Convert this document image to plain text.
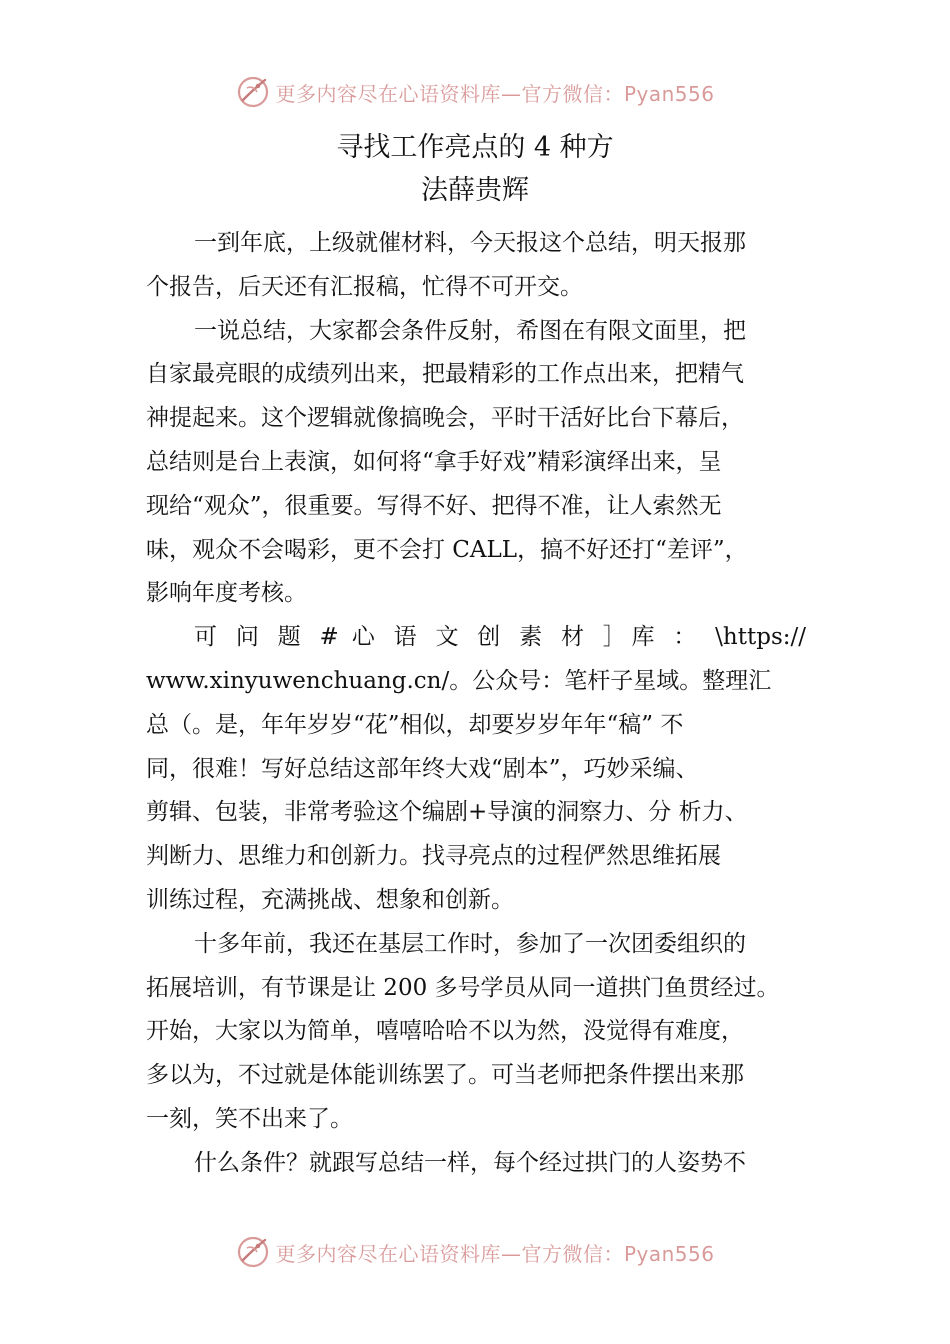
更多内容尽在心语资料库—官方微信：Pyan556
寻找工作亮点的 4 种方
法薛贵辉
一到年底，上级就催材料，今天报这个总结，明天报那
个报告，后天还有汇报稿，忙得不可开交。
一说总结，大家都会条件反射，希图在有限文面里，把
自家最亮眼的成绩列出来，把最精彩的工作点出来，把精气
神提起来。这个逻辑就像搞晚会，平时干活好比台下幕后，
总结则是台上表演，如何将“拿手好戏”精彩演绎出来，呈
现给“观众”，很重要。写得不好、把得不准，让人索然无
味，观众不会喝彩，更不会打 CALL，搞不好还打“差评”，
影响年度考核。
可 问 题 # 心 语 文 创 素 材 ］库 ： \https://
www.xinyuwenchuang.cn/。公众号：笔杆子星域。整理汇
总（。是，年年岁岁“花”相似，却要岁岁年年“稿” 不
同，很难！写好总结这部年终大戏“剧本”，巧妙采编、
剪辑、包装，非常考验这个编剧+导演的洞察力、分 析力、
判断力、思维力和创新力。找寻亮点的过程俨然思维拓展
训练过程，充满挑战、想象和创新。
十多年前，我还在基层工作时，参加了一次团委组织的
拓展培训，有节课是让 200 多号学员从同一道拱门鱼贯经过。
开始，大家以为简单，嘻嘻哈哈不以为然，没觉得有难度，
多以为，不过就是体能训练罢了。可当老师把条件摆出来那
一刻，笑不出来了。
什么条件？就跟写总结一样，每个经过拱门的人姿势不
更多内容尽在心语资料库—官方微信：Pyan556
